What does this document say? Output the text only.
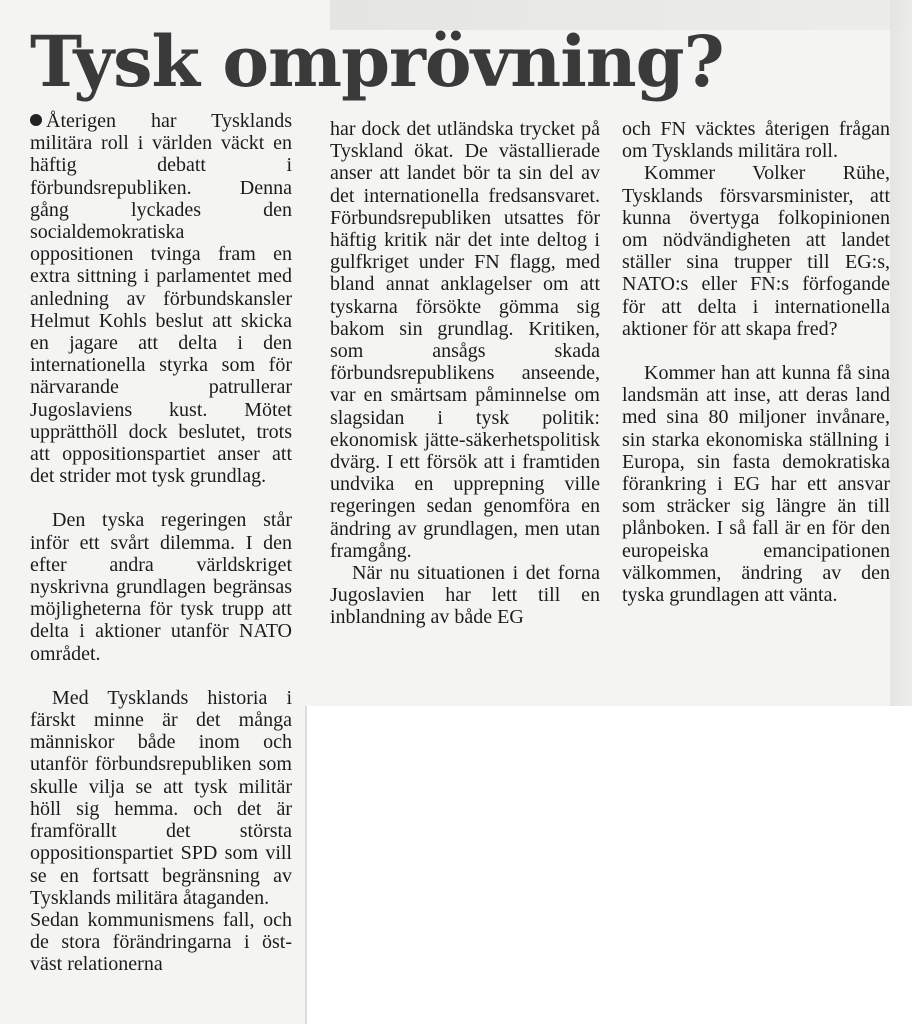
Tysk omprövning?

Återigen har Tysklands militära roll i världen väckt en häftig debatt i förbundsrepubliken. Denna gång lyckades den socialdemokratiska oppositionen tvinga fram en extra sittning i parlamentet med anledning av förbundskansler Helmut Kohls beslut att skicka en jagare att delta i den internationella styrka som för närvarande patrullerar Jugoslaviens kust. Mötet upprätthöll dock beslutet, trots att oppositionspartiet anser att det strider mot tysk grundlag.

Den tyska regeringen står inför ett svårt dilemma. I den efter andra världskriget nyskrivna grundlagen begränsas möjligheterna för tysk trupp att delta i aktioner utanför NATO området.

Med Tysklands historia i färskt minne är det många människor både inom och utanför förbundsrepubliken som skulle vilja se att tysk militär höll sig hemma. och det är framförallt det största oppositionspartiet SPD som vill se en fortsatt begränsning av Tysklands militära åtaganden.

Sedan kommunismens fall, och de stora förändringarna i öst-väst relationerna

har dock det utländska trycket på Tyskland ökat. De västallierade anser att landet bör ta sin del av det internationella fredsansvaret. Förbundsrepubliken utsattes för häftig kritik när det inte deltog i gulfkriget under FN flagg, med bland annat anklagelser om att tyskarna försökte gömma sig bakom sin grundlag. Kritiken, som ansågs skada förbundsrepublikens anseende, var en smärtsam påminnelse om slagsidan i tysk politik: ekonomisk jätte-säkerhetspolitisk dvärg. I ett försök att i framtiden undvika en upprepning ville regeringen sedan genomföra en ändring av grundlagen, men utan framgång.

När nu situationen i det forna Jugoslavien har lett till en inblandning av både EG

och FN väcktes återigen frågan om Tysklands militära roll.

Kommer Volker Rühe, Tysklands försvarsminister, att kunna övertyga folkopinionen om nödvändigheten att landet ställer sina trupper till EG:s, NATO:s eller FN:s förfogande för att delta i internationella aktioner för att skapa fred?

Kommer han att kunna få sina landsmän att inse, att deras land med sina 80 miljoner invånare, sin starka ekonomiska ställning i Europa, sin fasta demokratiska förankring i EG har ett ansvar som sträcker sig längre än till plånboken. I så fall är en för den europeiska emancipationen välkommen, ändring av den tyska grundlagen att vänta.
